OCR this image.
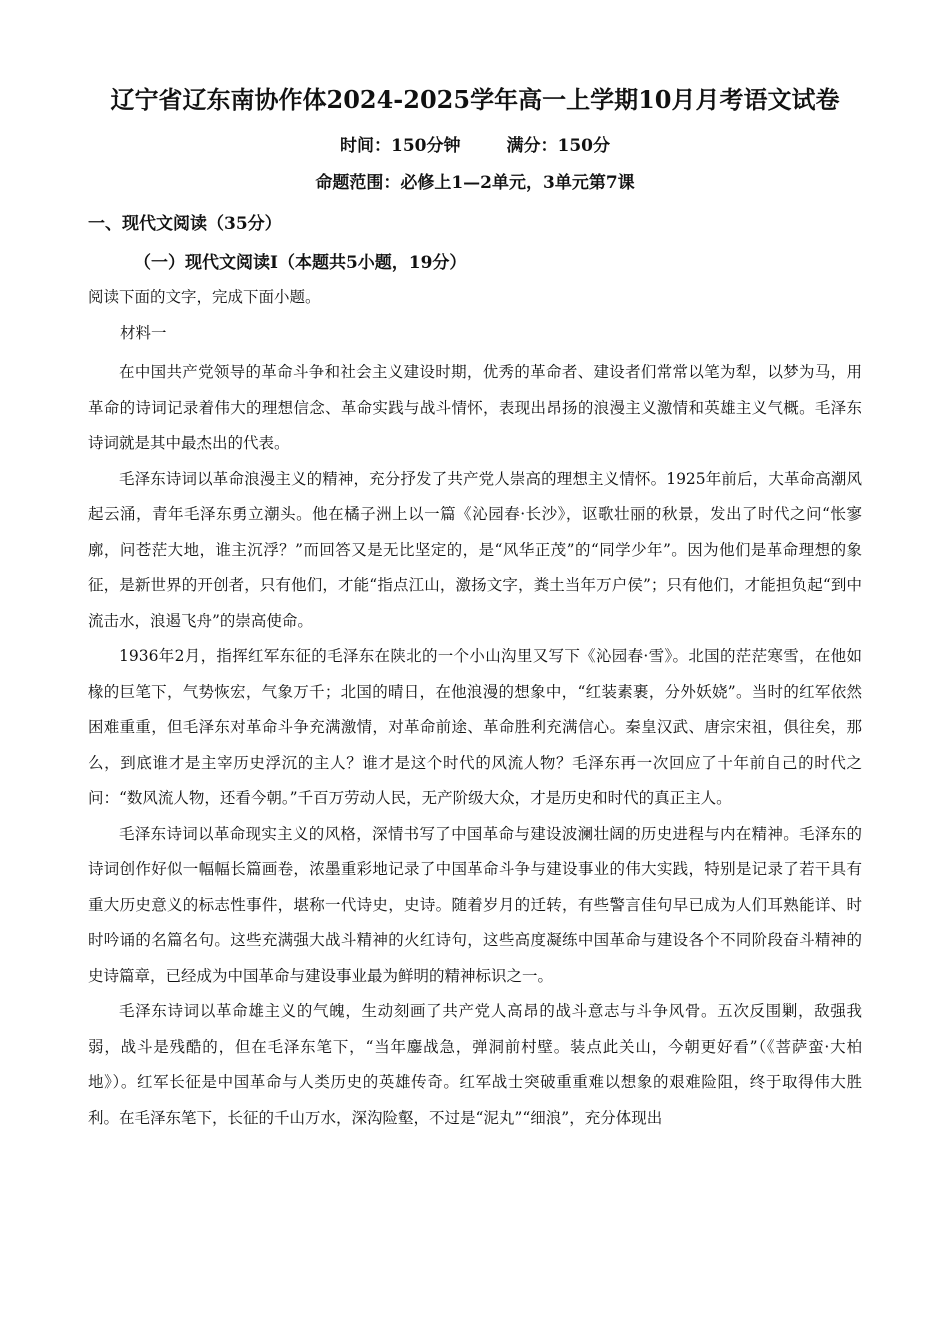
辽宁省辽东南协作体2024-2025学年高一上学期10月月考语文试卷
时间：150分钟	满分：150分
命题范围：必修上1—2单元，3单元第7课
一、现代文阅读（35分）
（一）现代文阅读Ⅰ（本题共5小题，19分）
阅读下面的文字，完成下面小题。
材料一

在中国共产党领导的革命斗争和社会主义建设时期，优秀的革命者、建设者们常常以笔为犁，以梦为马，用革命的诗词记录着伟大的理想信念、革命实践与战斗情怀，表现出昂扬的浪漫主义激情和英雄主义气概。毛泽东诗词就是其中最杰出的代表。

毛泽东诗词以革命浪漫主义的精神，充分抒发了共产党人崇高的理想主义情怀。1925年前后，大革命高潮风起云涌，青年毛泽东勇立潮头。他在橘子洲上以一篇《沁园春·长沙》，讴歌壮丽的秋景，发出了时代之问“怅寥廓，问苍茫大地，谁主沉浮？”而回答又是无比坚定的，是“风华正茂”的“同学少年”。因为他们是革命理想的象征，是新世界的开创者，只有他们，才能“指点江山，激扬文字，粪土当年万户侯”；只有他们，才能担负起“到中流击水，浪遏飞舟”的崇高使命。

1936年2月，指挥红军东征的毛泽东在陕北的一个小山沟里又写下《沁园春·雪》。北国的茫茫寒雪，在他如椽的巨笔下，气势恢宏，气象万千；北国的晴日，在他浪漫的想象中，“红装素裹，分外妖娆”。当时的红军依然困难重重，但毛泽东对革命斗争充满激情，对革命前途、革命胜利充满信心。秦皇汉武、唐宗宋祖，俱往矣，那么，到底谁才是主宰历史浮沉的主人？谁才是这个时代的风流人物？毛泽东再一次回应了十年前自己的时代之问：“数风流人物，还看今朝。”千百万劳动人民，无产阶级大众，才是历史和时代的真正主人。

毛泽东诗词以革命现实主义的风格，深情书写了中国革命与建设波澜壮阔的历史进程与内在精神。毛泽东的诗词创作好似一幅幅长篇画卷，浓墨重彩地记录了中国革命斗争与建设事业的伟大实践，特别是记录了若干具有重大历史意义的标志性事件，堪称一代诗史，史诗。随着岁月的迁转，有些警言佳句早已成为人们耳熟能详、时时吟诵的名篇名句。这些充满强大战斗精神的火红诗句，这些高度凝练中国革命与建设各个不同阶段奋斗精神的史诗篇章，已经成为中国革命与建设事业最为鲜明的精神标识之一。

毛泽东诗词以革命雄主义的气魄，生动刻画了共产党人高昂的战斗意志与斗争风骨。五次反围剿，敌强我弱，战斗是残酷的，但在毛泽东笔下，“当年鏖战急，弹洞前村壁。装点此关山，今朝更好看”（《菩萨蛮·大柏地》）。红军长征是中国革命与人类历史的英雄传奇。红军战士突破重重难以想象的艰难险阻，终于取得伟大胜利。在毛泽东笔下，长征的千山万水，深沟险壑，不过是“泥丸”“细浪”，充分体现出
